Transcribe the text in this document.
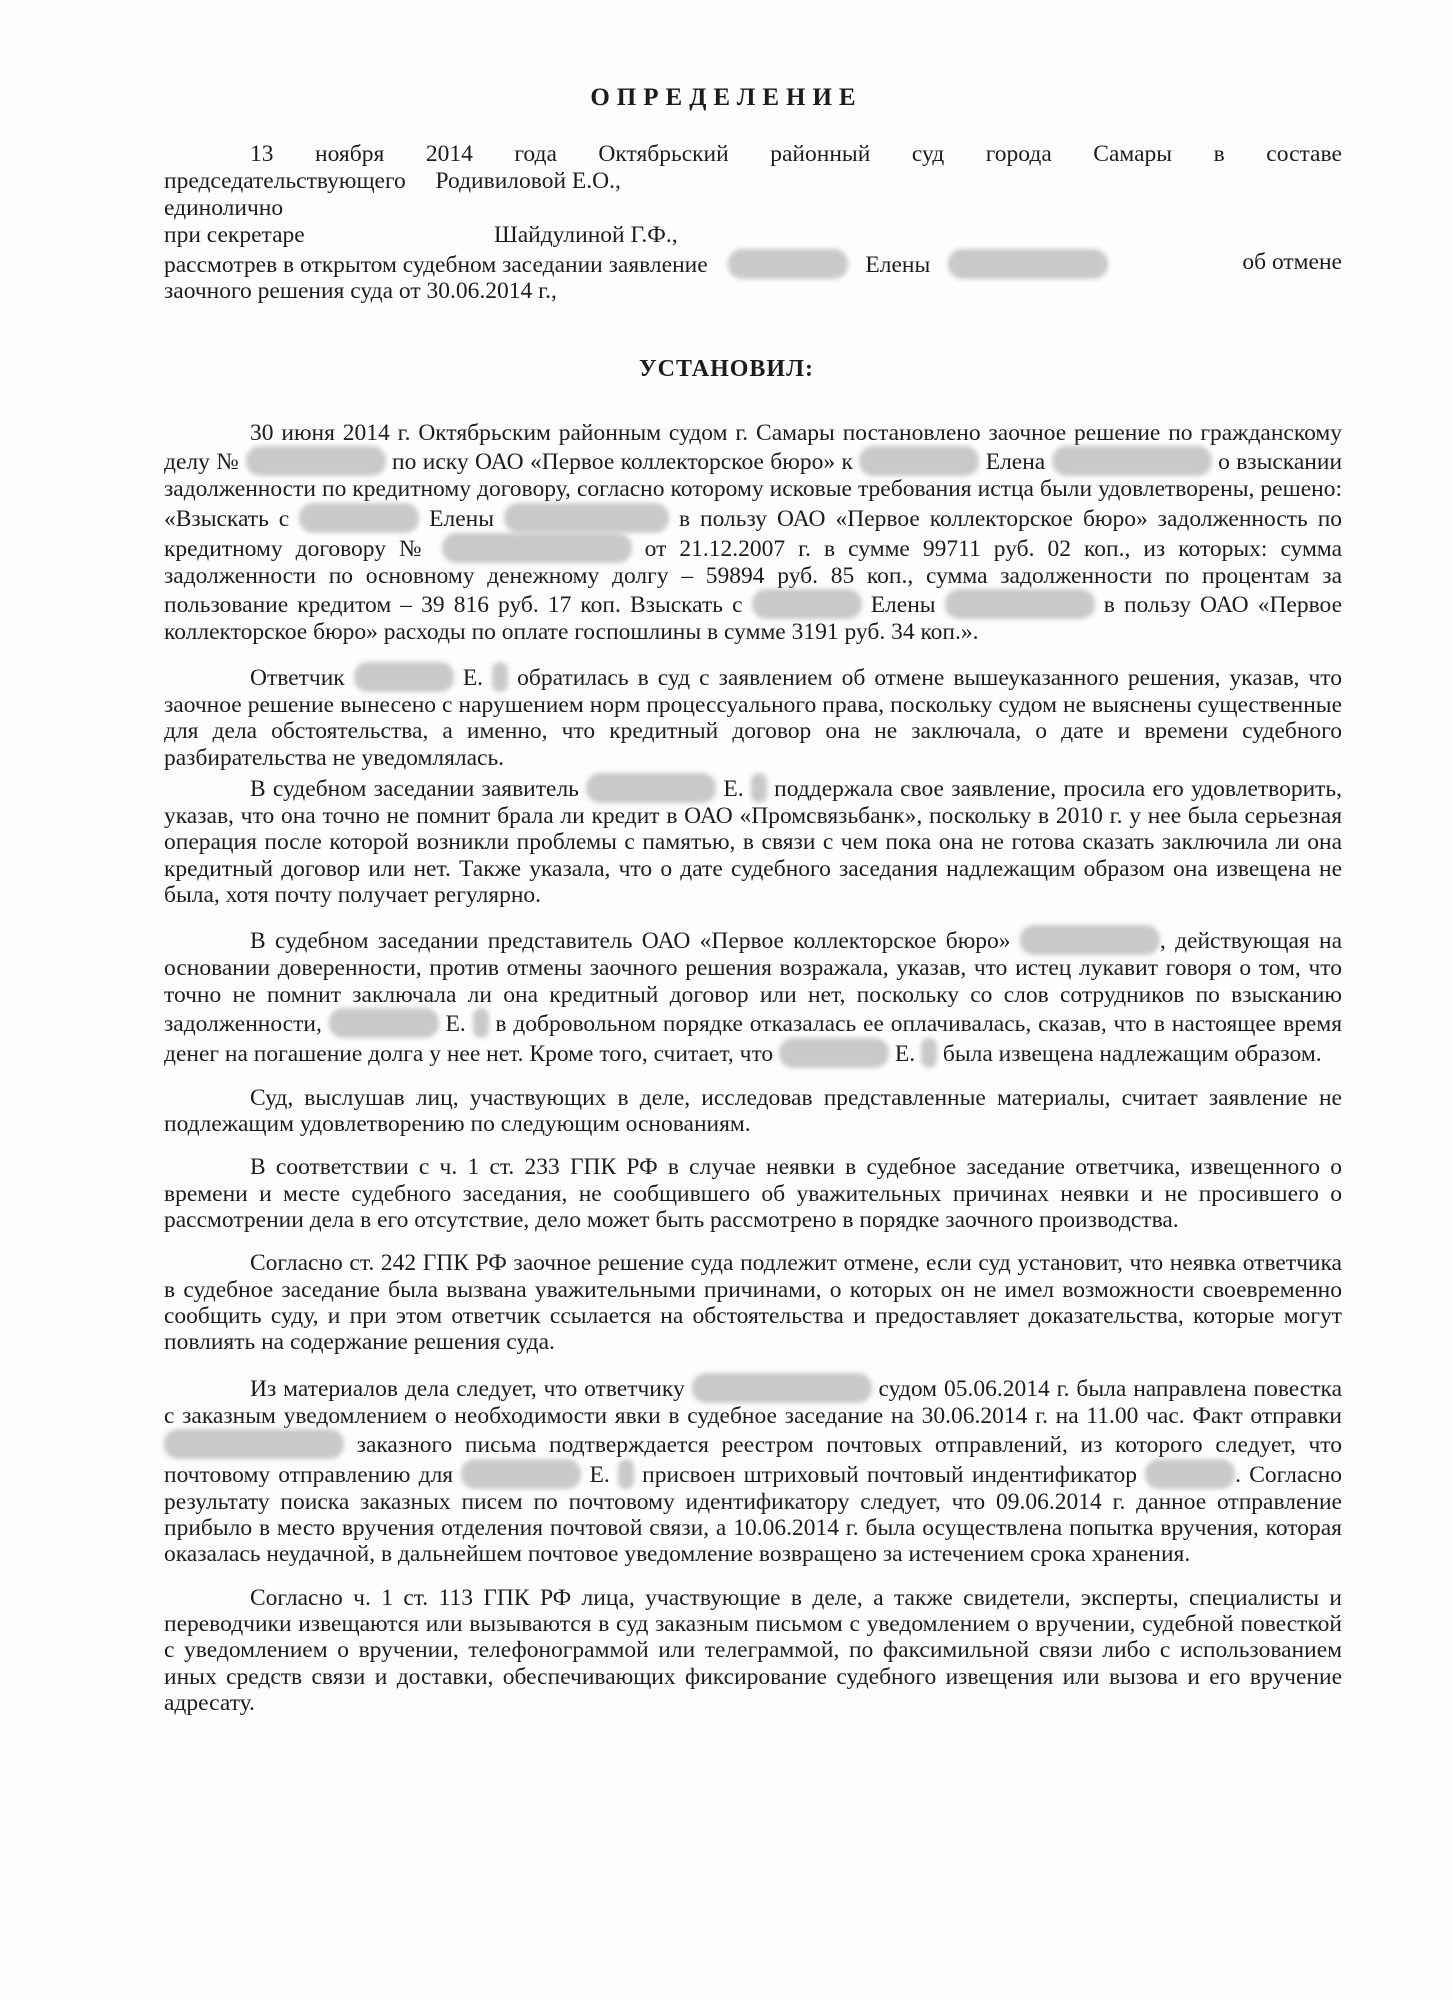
ОПРЕДЕЛЕНИЕ
13 ноября 2014 года Октябрьский районный суд города Самары в составе
председательствующего Родивиловой Е.О.,
единолично
при секретаре	Шайдулиной Г.Ф.,
рассмотрев в открытом судебном заседании заявление	Елены	об отмене
заочного решения суда от 30.06.2014 г.,
УСТАНОВИЛ:

30 июня 2014 г. Октябрьским районным судом г. Самары постановлено заочное решение по гражданскому делу №	по иску ОАО «Первое коллекторское бюро» к	Елена	о взыскании задолженности по кредитному договору, согласно которому исковые требования истца были удовлетворены, решено: «Взыскать с	Елены	в пользу ОАО «Первое коллекторское бюро» задолженность по кредитному договору №	от 21.12.2007 г. в сумме 99711 руб. 02 коп., из которых: сумма задолженности по основному денежному долгу – 59894 руб. 85 коп., сумма задолженности по процентам за пользование кредитом – 39 816 руб. 17 коп. Взыскать с	Елены	в пользу ОАО «Первое коллекторское бюро» расходы по оплате госпошлины в сумме 3191 руб. 34 коп.».

Ответчик	Е. обратилась в суд с заявлением об отмене вышеуказанного решения, указав, что заочное решение вынесено с нарушением норм процессуального права, поскольку судом не выяснены существенные для дела обстоятельства, а именно, что кредитный договор она не заключала, о дате и времени судебного разбирательства не уведомлялась.

В судебном заседании заявитель	Е. поддержала свое заявление, просила его удовлетворить, указав, что она точно не помнит брала ли кредит в ОАО «Промсвязьбанк», поскольку в 2010 г. у нее была серьезная операция после которой возникли проблемы с памятью, в связи с чем пока она не готова сказать заключила ли она кредитный договор или нет. Также указала, что о дате судебного заседания надлежащим образом она извещена не была, хотя почту получает регулярно.

В судебном заседании представитель ОАО «Первое коллекторское бюро»	, действующая на основании доверенности, против отмены заочного решения возражала, указав, что истец лукавит говоря о том, что точно не помнит заключала ли она кредитный договор или нет, поскольку со слов сотрудников по взысканию задолженности,	Е. в добровольном порядке отказалась ее оплачивалась, сказав, что в настоящее время денег на погашение долга у нее нет. Кроме того, считает, что	Е. была извещена надлежащим образом.

Суд, выслушав лиц, участвующих в деле, исследовав представленные материалы, считает заявление не подлежащим удовлетворению по следующим основаниям.

В соответствии с ч. 1 ст. 233 ГПК РФ в случае неявки в судебное заседание ответчика, извещенного о времени и месте судебного заседания, не сообщившего об уважительных причинах неявки и не просившего о рассмотрении дела в его отсутствие, дело может быть рассмотрено в порядке заочного производства.

Согласно ст. 242 ГПК РФ заочное решение суда подлежит отмене, если суд установит, что неявка ответчика в судебное заседание была вызвана уважительными причинами, о которых он не имел возможности своевременно сообщить суду, и при этом ответчик ссылается на обстоятельства и предоставляет доказательства, которые могут повлиять на содержание решения суда.

Из материалов дела следует, что ответчику	судом 05.06.2014 г. была направлена повестка с заказным уведомлением о необходимости явки в судебное заседание на 30.06.2014 г. на 11.00 час. Факт отправки  заказного письма подтверждается реестром почтовых отправлений, из которого следует, что почтовому отправлению для	Е. присвоен штриховый почтовый индентификатор	. Согласно результату поиска заказных писем по почтовому идентификатору следует, что 09.06.2014 г. данное отправление прибыло в место вручения отделения почтовой связи, а 10.06.2014 г. была осуществлена попытка вручения, которая оказалась неудачной, в дальнейшем почтовое уведомление возвращено за истечением срока хранения.

Согласно ч. 1 ст. 113 ГПК РФ лица, участвующие в деле, а также свидетели, эксперты, специалисты и переводчики извещаются или вызываются в суд заказным письмом с уведомлением о вручении, судебной повесткой с уведомлением о вручении, телефонограммой или телеграммой, по факсимильной связи либо с использованием иных средств связи и доставки, обеспечивающих фиксирование судебного извещения или вызова и его вручение адресату.
